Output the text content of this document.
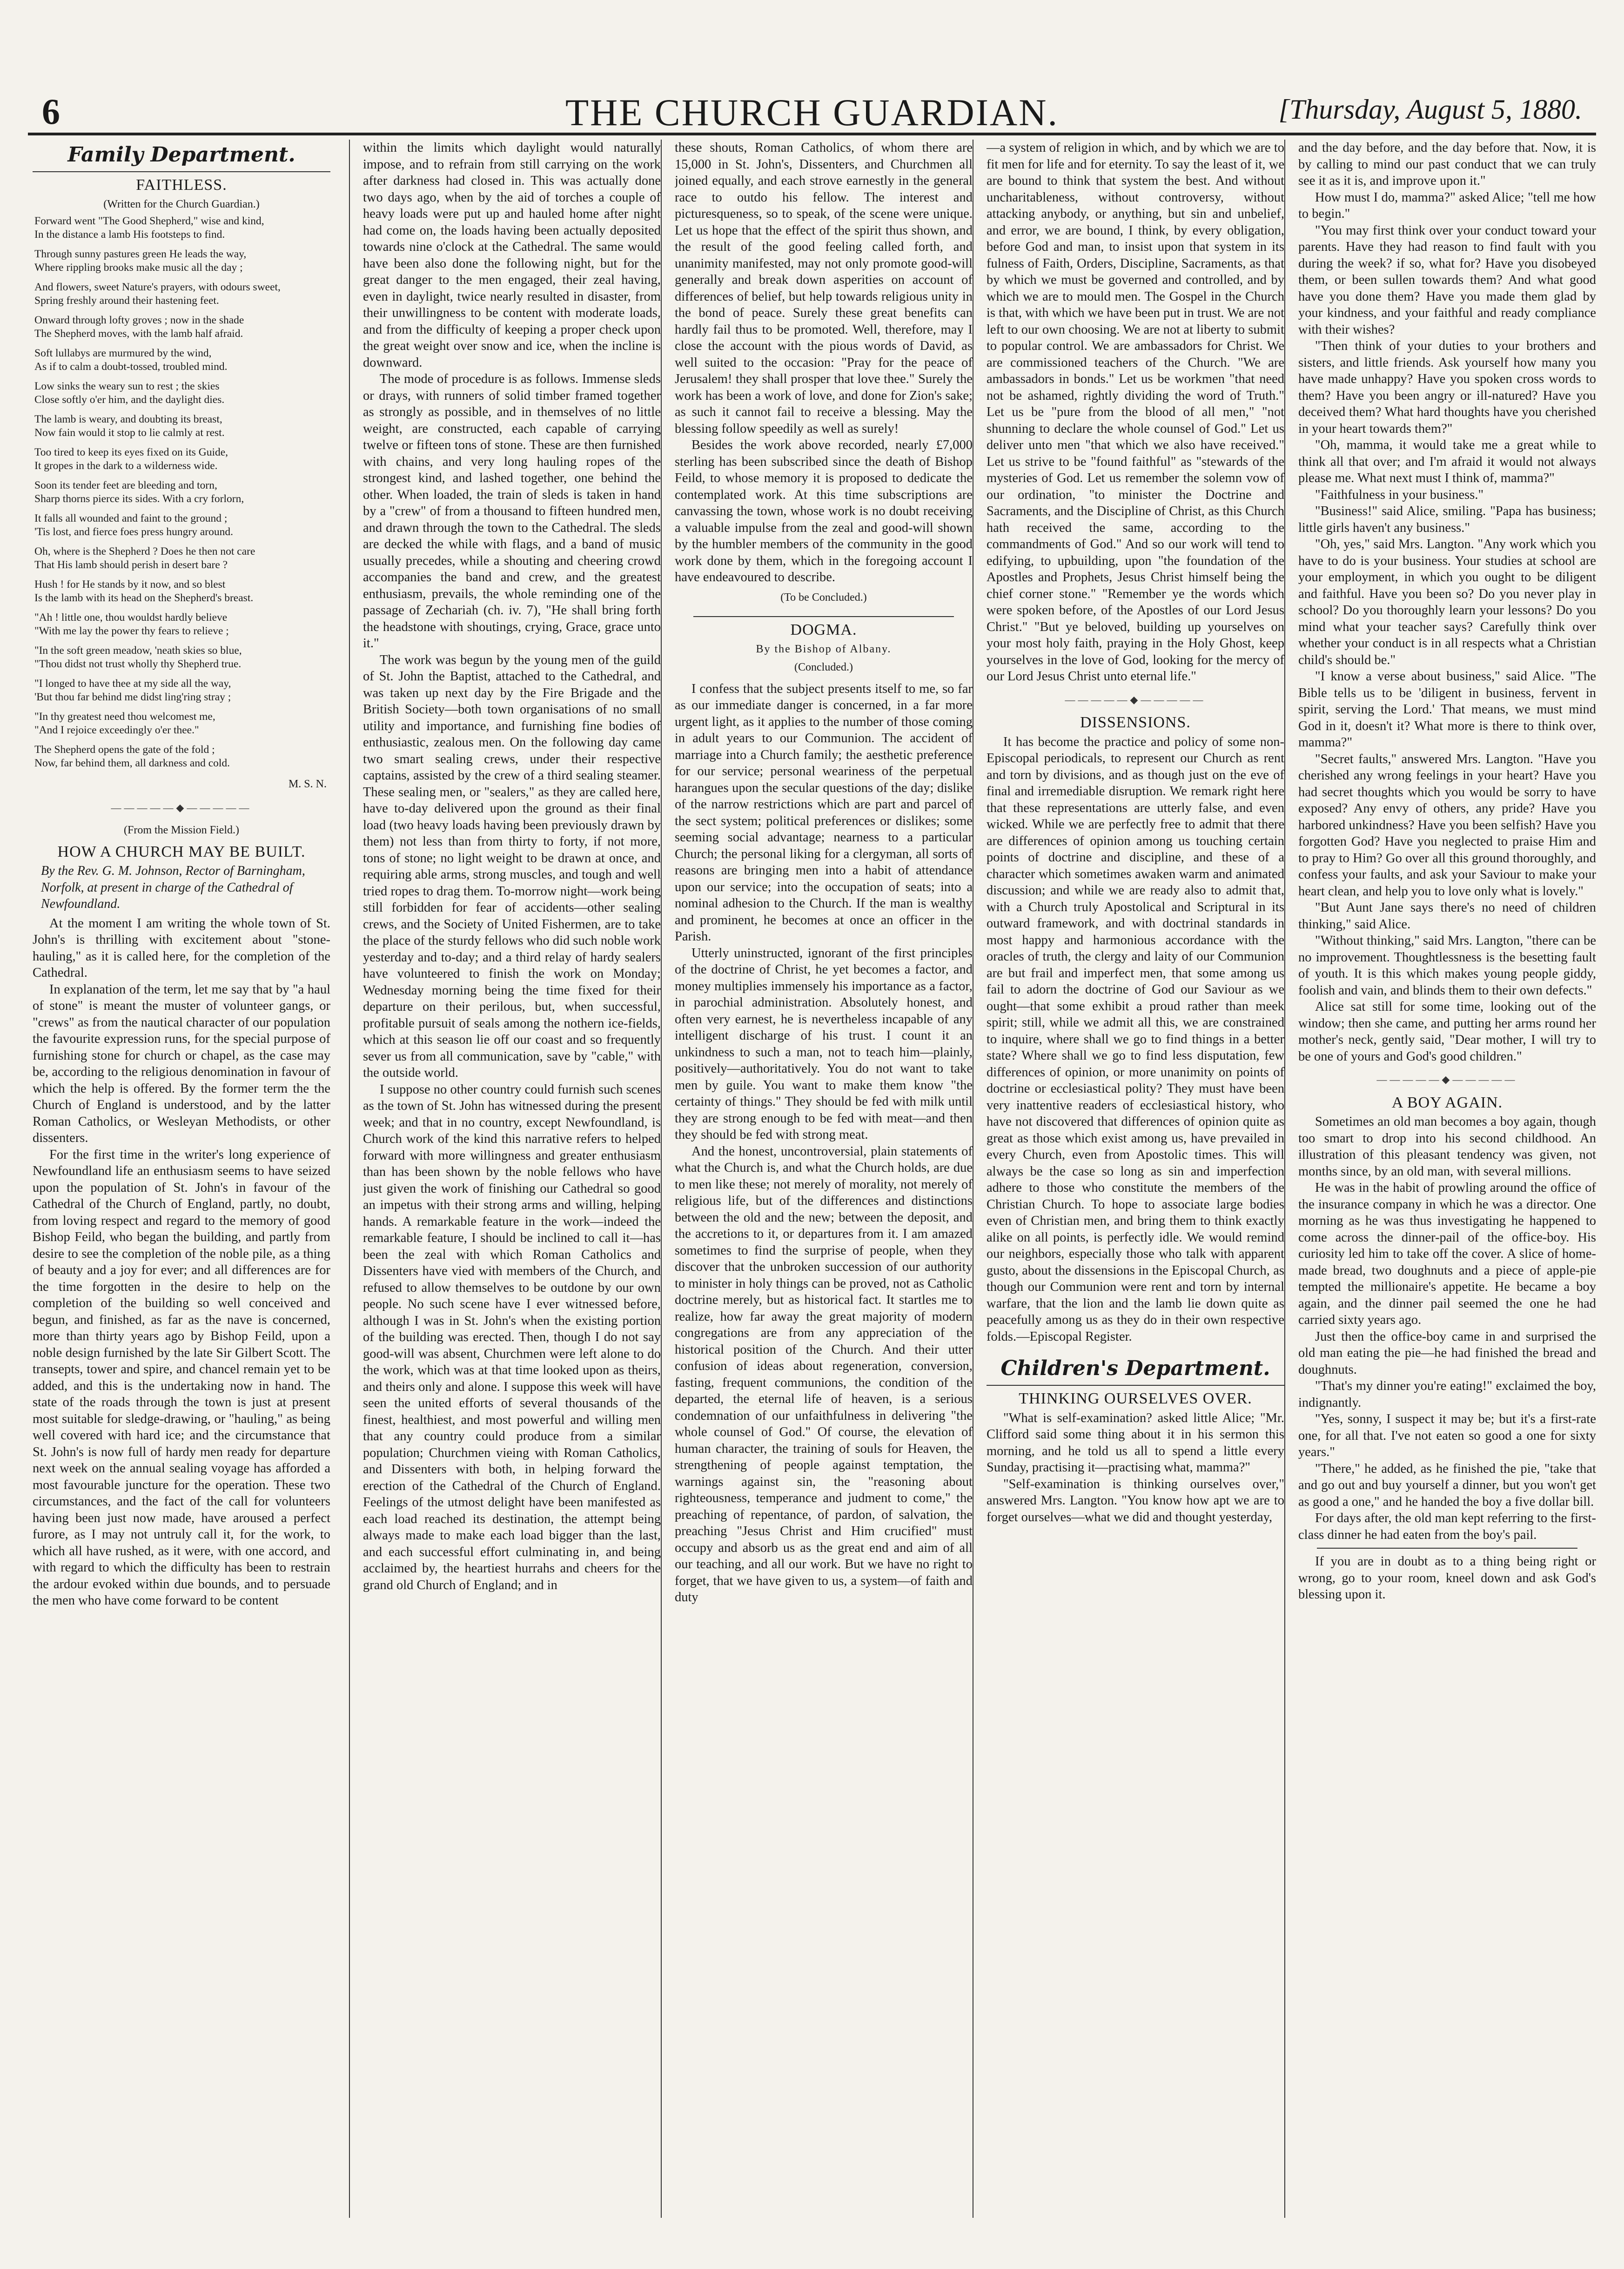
6	THE CHURCH GUARDIAN.	[Thursday, August 5, 1880.
Family Department.
FAITHLESS.
(Written for the Church Guardian.)
Forward went "The Good Shepherd," wise and kind,
In the distance a lamb His footsteps to find.
Through sunny pastures green He leads the way,
Where rippling brooks make music all the day ;
And flowers, sweet Nature's prayers, with odours sweet,
Spring freshly around their hastening feet.
Onward through lofty groves ; now in the shade
The Shepherd moves, with the lamb half afraid.
Soft lullabys are murmured by the wind,
As if to calm a doubt-tossed, troubled mind.
Low sinks the weary sun to rest ; the skies
Close softly o'er him, and the daylight dies.
The lamb is weary, and doubting its breast,
Now fain would it stop to lie calmly at rest.
Too tired to keep its eyes fixed on its Guide,
It gropes in the dark to a wilderness wide.
Soon its tender feet are bleeding and torn,
Sharp thorns pierce its sides. With a cry forlorn,
It falls all wounded and faint to the ground ;
'Tis lost, and fierce foes press hungry around.
Oh, where is the Shepherd ? Does he then not care
That His lamb should perish in desert bare ?
Hush ! for He stands by it now, and so blest
Is the lamb with its head on the Shepherd's breast.
"Ah ! little one, thou wouldst hardly believe
"With me lay the power thy fears to relieve ;
"In the soft green meadow, 'neath skies so blue,
"Thou didst not trust wholly thy Shepherd true.
"I longed to have thee at my side all the way,
'But thou far behind me didst ling'ring stray ;
"In thy greatest need thou welcomest me,
"And I rejoice exceedingly o'er thee."
The Shepherd opens the gate of the fold ;
Now, far behind them, all darkness and cold.
M. S. N.
—————◆—————
(From the Mission Field.)
HOW A CHURCH MAY BE BUILT.
By the Rev. G. M. Johnson, Rector of Barningham, Norfolk, at present in charge of the Cathedral of Newfoundland.

At the moment I am writing the whole town of St. John's is thrilling with excitement about "stone-hauling," as it is called here, for the completion of the Cathedral.

In explanation of the term, let me say that by "a haul of stone" is meant the muster of volunteer gangs, or "crews" as from the nautical character of our population the favourite expression runs, for the special purpose of furnishing stone for church or chapel, as the case may be, according to the religious denomination in favour of which the help is offered. By the former term the the Church of England is understood, and by the latter Roman Catholics, or Wesleyan Methodists, or other dissenters.

For the first time in the writer's long experience of Newfoundland life an enthusiasm seems to have seized upon the population of St. John's in favour of the Cathedral of the Church of England, partly, no doubt, from loving respect and regard to the memory of good Bishop Feild, who began the building, and partly from desire to see the completion of the noble pile, as a thing of beauty and a joy for ever; and all differences are for the time forgotten in the desire to help on the completion of the building so well conceived and begun, and finished, as far as the nave is concerned, more than thirty years ago by Bishop Feild, upon a noble design furnished by the late Sir Gilbert Scott. The transepts, tower and spire, and chancel remain yet to be added, and this is the undertaking now in hand. The state of the roads through the town is just at present most suitable for sledge-drawing, or "hauling," as being well covered with hard ice; and the circumstance that St. John's is now full of hardy men ready for departure next week on the annual sealing voyage has afforded a most favourable juncture for the operation. These two circumstances, and the fact of the call for volunteers having been just now made, have aroused a perfect furore, as I may not untruly call it, for the work, to which all have rushed, as it were, with one accord, and with regard to which the difficulty has been to restrain the ardour evoked within due bounds, and to persuade the men who have come forward to be content

within the limits which daylight would naturally impose, and to refrain from still carrying on the work after darkness had closed in. This was actually done two days ago, when by the aid of torches a couple of heavy loads were put up and hauled home after night had come on, the loads having been actually deposited towards nine o'clock at the Cathedral. The same would have been also done the following night, but for the great danger to the men engaged, their zeal having, even in daylight, twice nearly resulted in disaster, from their unwillingness to be content with moderate loads, and from the difficulty of keeping a proper check upon the great weight over snow and ice, when the incline is downward.

The mode of procedure is as follows. Immense sleds or drays, with runners of solid timber framed together as strongly as possible, and in themselves of no little weight, are constructed, each capable of carrying twelve or fifteen tons of stone. These are then furnished with chains, and very long hauling ropes of the strongest kind, and lashed together, one behind the other. When loaded, the train of sleds is taken in hand by a "crew" of from a thousand to fifteen hundred men, and drawn through the town to the Cathedral. The sleds are decked the while with flags, and a band of music usually precedes, while a shouting and cheering crowd accompanies the band and crew, and the greatest enthusiasm, prevails, the whole reminding one of the passage of Zechariah (ch. iv. 7), "He shall bring forth the headstone with shoutings, crying, Grace, grace unto it."

The work was begun by the young men of the guild of St. John the Baptist, attached to the Cathedral, and was taken up next day by the Fire Brigade and the British Society—both town organisations of no small utility and importance, and furnishing fine bodies of enthusiastic, zealous men. On the following day came two smart sealing crews, under their respective captains, assisted by the crew of a third sealing steamer. These sealing men, or "sealers," as they are called here, have to-day delivered upon the ground as their final load (two heavy loads having been previously drawn by them) not less than from thirty to forty, if not more, tons of stone; no light weight to be drawn at once, and requiring able arms, strong muscles, and tough and well tried ropes to drag them. To-morrow night—work being still forbidden for fear of accidents—other sealing crews, and the Society of United Fishermen, are to take the place of the sturdy fellows who did such noble work yesterday and to-day; and a third relay of hardy sealers have volunteered to finish the work on Monday; Wednesday morning being the time fixed for their departure on their perilous, but, when successful, profitable pursuit of seals among the nothern ice-fields, which at this season lie off our coast and so frequently sever us from all communication, save by "cable," with the outside world.

I suppose no other country could furnish such scenes as the town of St. John has witnessed during the present week; and that in no country, except Newfoundland, is Church work of the kind this narrative refers to helped forward with more willingness and greater enthusiasm than has been shown by the noble fellows who have just given the work of finishing our Cathedral so good an impetus with their strong arms and willing, helping hands. A remarkable feature in the work—indeed the remarkable feature, I should be inclined to call it—has been the zeal with which Roman Catholics and Dissenters have vied with members of the Church, and refused to allow themselves to be outdone by our own people. No such scene have I ever witnessed before, although I was in St. John's when the existing portion of the building was erected. Then, though I do not say good-will was absent, Churchmen were left alone to do the work, which was at that time looked upon as theirs, and theirs only and alone. I suppose this week will have seen the united efforts of several thousands of the finest, healthiest, and most powerful and willing men that any country could produce from a similar population; Churchmen vieing with Roman Catholics, and Dissenters with both, in helping forward the erection of the Cathedral of the Church of England. Feelings of the utmost delight have been manifested as each load reached its destination, the attempt being always made to make each load bigger than the last, and each successful effort culminating in, and being acclaimed by, the heartiest hurrahs and cheers for the grand old Church of England; and in

these shouts, Roman Catholics, of whom there are 15,000 in St. John's, Dissenters, and Churchmen all joined equally, and each strove earnestly in the general race to outdo his fellow. The interest and picturesqueness, so to speak, of the scene were unique. Let us hope that the effect of the spirit thus shown, and the result of the good feeling called forth, and unanimity manifested, may not only promote good-will generally and break down asperities on account of differences of belief, but help towards religious unity in the bond of peace. Surely these great benefits can hardly fail thus to be promoted. Well, therefore, may I close the account with the pious words of David, as well suited to the occasion: "Pray for the peace of Jerusalem! they shall prosper that love thee." Surely the work has been a work of love, and done for Zion's sake; as such it cannot fail to receive a blessing. May the blessing follow speedily as well as surely!

Besides the work above recorded, nearly £7,000 sterling has been subscribed since the death of Bishop Feild, to whose memory it is proposed to dedicate the contemplated work. At this time subscriptions are canvassing the town, whose work is no doubt receiving a valuable impulse from the zeal and good-will shown by the humbler members of the community in the good work done by them, which in the foregoing account I have endeavoured to describe.

(To be Concluded.)
DOGMA.
By the Bishop of Albany.
(Concluded.)

I confess that the subject presents itself to me, so far as our immediate danger is concerned, in a far more urgent light, as it applies to the number of those coming in adult years to our Communion. The accident of marriage into a Church family; the aesthetic preference for our service; personal weariness of the perpetual harangues upon the secular questions of the day; dislike of the narrow restrictions which are part and parcel of the sect system; political preferences or dislikes; some seeming social advantage; nearness to a particular Church; the personal liking for a clergyman, all sorts of reasons are bringing men into a habit of attendance upon our service; into the occupation of seats; into a nominal adhesion to the Church. If the man is wealthy and prominent, he becomes at once an officer in the Parish.

Utterly uninstructed, ignorant of the first principles of the doctrine of Christ, he yet becomes a factor, and money multiplies immensely his importance as a factor, in parochial administration. Absolutely honest, and often very earnest, he is nevertheless incapable of any intelligent discharge of his trust. I count it an unkindness to such a man, not to teach him—plainly, positively—authoritatively. You do not want to take men by guile. You want to make them know "the certainty of things." They should be fed with milk until they are strong enough to be fed with meat—and then they should be fed with strong meat.

And the honest, uncontroversial, plain statements of what the Church is, and what the Church holds, are due to men like these; not merely of morality, not merely of religious life, but of the differences and distinctions between the old and the new; between the deposit, and the accretions to it, or departures from it. I am amazed sometimes to find the surprise of people, when they discover that the unbroken succession of our authority to minister in holy things can be proved, not as Catholic doctrine merely, but as historical fact. It startles me to realize, how far away the great majority of modern congregations are from any appreciation of the historical position of the Church. And their utter confusion of ideas about regeneration, conversion, fasting, frequent communions, the condition of the departed, the eternal life of heaven, is a serious condemnation of our unfaithfulness in delivering "the whole counsel of God." Of course, the elevation of human character, the training of souls for Heaven, the strengthening of people against temptation, the warnings against sin, the "reasoning about righteousness, temperance and judment to come," the preaching of repentance, of pardon, of salvation, the preaching "Jesus Christ and Him crucified" must occupy and absorb us as the great end and aim of all our teaching, and all our work. But we have no right to forget, that we have given to us, a system—of faith and duty

—a system of religion in which, and by which we are to fit men for life and for eternity. To say the least of it, we are bound to think that system the best. And without uncharitableness, without controversy, without attacking anybody, or anything, but sin and unbelief, and error, we are bound, I think, by every obligation, before God and man, to insist upon that system in its fulness of Faith, Orders, Discipline, Sacraments, as that by which we must be governed and controlled, and by which we are to mould men. The Gospel in the Church is that, with which we have been put in trust. We are not left to our own choosing. We are not at liberty to submit to popular control. We are ambassadors for Christ. We are commissioned teachers of the Church. "We are ambassadors in bonds." Let us be workmen "that need not be ashamed, rightly dividing the word of Truth." Let us be "pure from the blood of all men," "not shunning to declare the whole counsel of God." Let us deliver unto men "that which we also have received." Let us strive to be "found faithful" as "stewards of the mysteries of God. Let us remember the solemn vow of our ordination, "to minister the Doctrine and Sacraments, and the Discipline of Christ, as this Church hath received the same, according to the commandments of God." And so our work will tend to edifying, to upbuilding, upon "the foundation of the Apostles and Prophets, Jesus Christ himself being the chief corner stone." "Remember ye the words which were spoken before, of the Apostles of our Lord Jesus Christ." "But ye beloved, building up yourselves on your most holy faith, praying in the Holy Ghost, keep yourselves in the love of God, looking for the mercy of our Lord Jesus Christ unto eternal life."

—————◆—————
DISSENSIONS.

It has become the practice and policy of some non-Episcopal periodicals, to represent our Church as rent and torn by divisions, and as though just on the eve of final and irremediable disruption. We remark right here that these representations are utterly false, and even wicked. While we are perfectly free to admit that there are differences of opinion among us touching certain points of doctrine and discipline, and these of a character which sometimes awaken warm and animated discussion; and while we are ready also to admit that, with a Church truly Apostolical and Scriptural in its outward framework, and with doctrinal standards in most happy and harmonious accordance with the oracles of truth, the clergy and laity of our Communion are but frail and imperfect men, that some among us fail to adorn the doctrine of God our Saviour as we ought—that some exhibit a proud rather than meek spirit; still, while we admit all this, we are constrained to inquire, where shall we go to find things in a better state? Where shall we go to find less disputation, few differences of opinion, or more unanimity on points of doctrine or ecclesiastical polity? They must have been very inattentive readers of ecclesiastical history, who have not discovered that differences of opinion quite as great as those which exist among us, have prevailed in every Church, even from Apostolic times. This will always be the case so long as sin and imperfection adhere to those who constitute the members of the Christian Church. To hope to associate large bodies even of Christian men, and bring them to think exactly alike on all points, is perfectly idle. We would remind our neighbors, especially those who talk with apparent gusto, about the dissensions in the Episcopal Church, as though our Communion were rent and torn by internal warfare, that the lion and the lamb lie down quite as peacefully among us as they do in their own respective folds.—Episcopal Register.

Children's Department.
THINKING OURSELVES OVER.

"What is self-examination? asked little Alice; "Mr. Clifford said some thing about it in his sermon this morning, and he told us all to spend a little every Sunday, practising it—practising what, mamma?"

"Self-examination is thinking ourselves over," answered Mrs. Langton. "You know how apt we are to forget ourselves—what we did and thought yesterday,

and the day before, and the day before that. Now, it is by calling to mind our past conduct that we can truly see it as it is, and improve upon it."

How must I do, mamma?" asked Alice; "tell me how to begin."

"You may first think over your conduct toward your parents. Have they had reason to find fault with you during the week? if so, what for? Have you disobeyed them, or been sullen towards them? And what good have you done them? Have you made them glad by your kindness, and your faithful and ready compliance with their wishes?

"Then think of your duties to your brothers and sisters, and little friends. Ask yourself how many you have made unhappy? Have you spoken cross words to them? Have you been angry or ill-natured? Have you deceived them? What hard thoughts have you cherished in your heart towards them?"

"Oh, mamma, it would take me a great while to think all that over; and I'm afraid it would not always please me. What next must I think of, mamma?"

"Faithfulness in your business."

"Business!" said Alice, smiling. "Papa has business; little girls haven't any business."

"Oh, yes," said Mrs. Langton. "Any work which you have to do is your business. Your studies at school are your employment, in which you ought to be diligent and faithful. Have you been so? Do you never play in school? Do you thoroughly learn your lessons? Do you mind what your teacher says? Carefully think over whether your conduct is in all respects what a Christian child's should be."

"I know a verse about business," said Alice. "The Bible tells us to be 'diligent in business, fervent in spirit, serving the Lord.' That means, we must mind God in it, doesn't it? What more is there to think over, mamma?"

"Secret faults," answered Mrs. Langton. "Have you cherished any wrong feelings in your heart? Have you had secret thoughts which you would be sorry to have exposed? Any envy of others, any pride? Have you harbored unkindness? Have you been selfish? Have you forgotten God? Have you neglected to praise Him and to pray to Him? Go over all this ground thoroughly, and confess your faults, and ask your Saviour to make your heart clean, and help you to love only what is lovely."

"But Aunt Jane says there's no need of children thinking," said Alice.

"Without thinking," said Mrs. Langton, "there can be no improvement. Thoughtlessness is the besetting fault of youth. It is this which makes young people giddy, foolish and vain, and blinds them to their own defects."

Alice sat still for some time, looking out of the window; then she came, and putting her arms round her mother's neck, gently said, "Dear mother, I will try to be one of yours and God's good children."

—————◆—————
A BOY AGAIN.

Sometimes an old man becomes a boy again, though too smart to drop into his second childhood. An illustration of this pleasant tendency was given, not months since, by an old man, with several millions.

He was in the habit of prowling around the office of the insurance company in which he was a director. One morning as he was thus investigating he happened to come across the dinner-pail of the office-boy. His curiosity led him to take off the cover. A slice of home-made bread, two doughnuts and a piece of apple-pie tempted the millionaire's appetite. He became a boy again, and the dinner pail seemed the one he had carried sixty years ago.

Just then the office-boy came in and surprised the old man eating the pie—he had finished the bread and doughnuts.

"That's my dinner you're eating!" exclaimed the boy, indignantly.

"Yes, sonny, I suspect it may be; but it's a first-rate one, for all that. I've not eaten so good a one for sixty years."

"There," he added, as he finished the pie, "take that and go out and buy yourself a dinner, but you won't get as good a one," and he handed the boy a five dollar bill.

For days after, the old man kept referring to the first-class dinner he had eaten from the boy's pail.

If you are in doubt as to a thing being right or wrong, go to your room, kneel down and ask God's blessing upon it.
